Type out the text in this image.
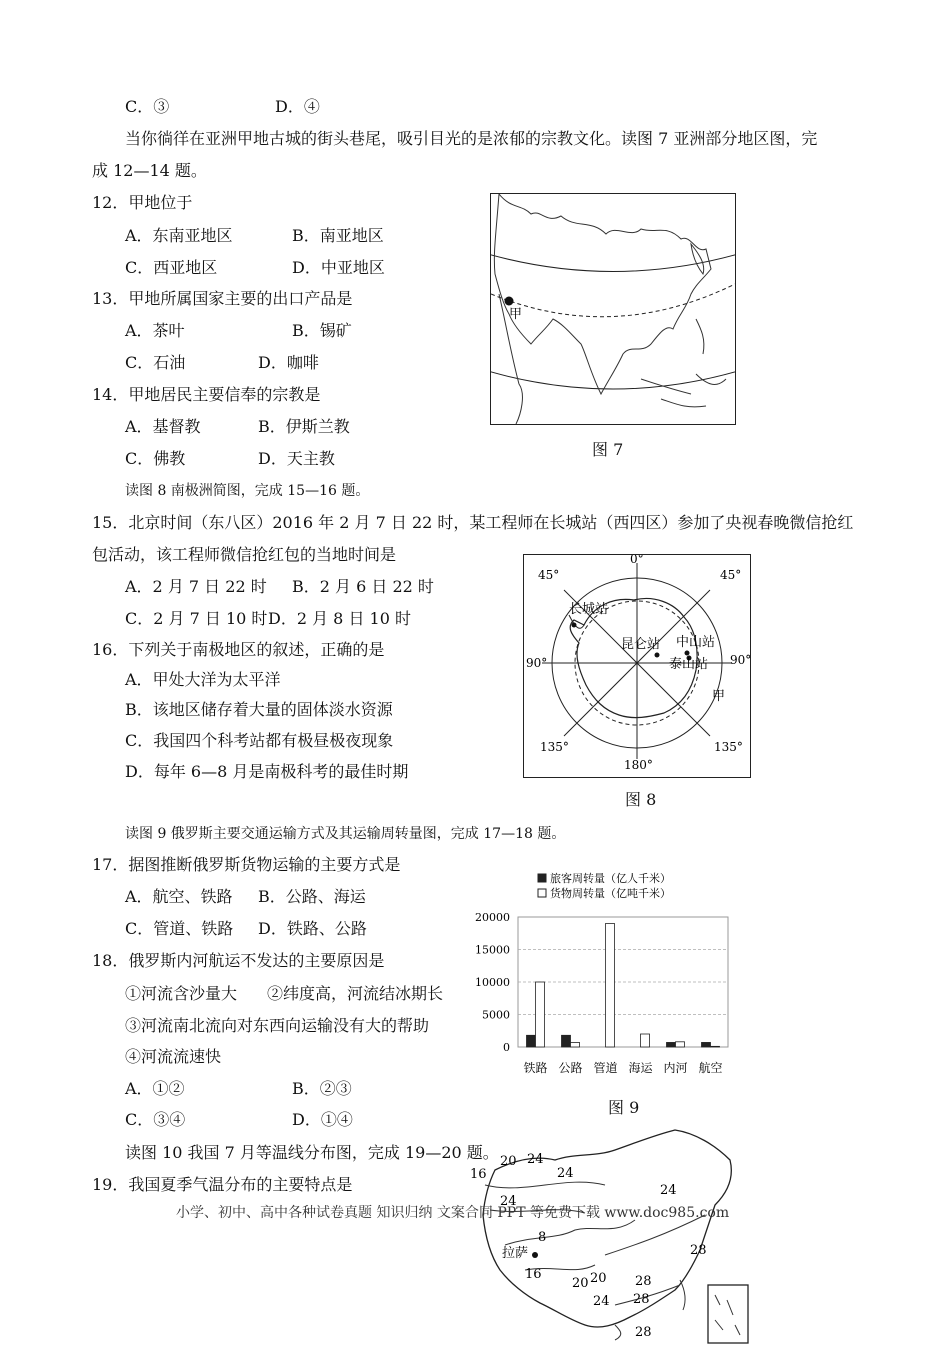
C．③	D．④
当你徜徉在亚洲甲地古城的街头巷尾，吸引目光的是浓郁的宗教文化。读图 7 亚洲部分地区图，完
成 12—14 题。
12．甲地位于
A．东南亚地区	B．南亚地区
C．西亚地区	D．中亚地区
13．甲地所属国家主要的出口产品是
A．茶叶	B．锡矿
C．石油	D．咖啡
14．甲地居民主要信奉的宗教是
A．基督教	B．伊斯兰教
C．佛教	D．天主教
甲
图 7
读图 8 南极洲简图，完成 15—16 题。
15．北京时间（东八区）2016 年 2 月 7 日 22 时，某工程师在长城站（西四区）参加了央视春晚微信抢红
包活动，该工程师微信抢红包的当地时间是
A．2 月 7 日 22 时 B．2 月 6 日 22 时
C．2 月 7 日 10 时 D．2 月 8 日 10 时
16．下列关于南极地区的叙述，正确的是
A．甲处大洋为太平洋
B．该地区储存着大量的固体淡水资源
C．我国四个科考站都有极昼极夜现象
D．每年 6—8 月是南极科考的最佳时期
0°
45°	45°
90°	90°
135°	135°
180°
长城站
昆仑站 中山站
泰山站
甲
图 8
读图 9 俄罗斯主要交通运输方式及其运输周转量图，完成 17—18 题。
17．据图推断俄罗斯货物运输的主要方式是
A．航空、铁路 B．公路、海运
C．管道、铁路 D．铁路、公路
18．俄罗斯内河航运不发达的主要原因是
①河流含沙量大 ②纬度高，河流结冰期长
③河流南北流向对东西向运输没有大的帮助
④河流流速快
A．①②	B．②③
C．③④	D．①④
旅客周转量（亿人千米）
货物周转量（亿吨千米）
20000
15000
10000
5000
0
铁路 公路 管道 海运 内河 航空
图 9
读图 10 我国 7 月等温线分布图，完成 19—20 题。
19．我国夏季气温分布的主要特点是
16
20 24
24
24
24
8
拉萨
16
20 20
28
28
28
24
28
小学、初中、高中各种试卷真题 知识归纳 文案合同 PPT 等免费下载 www.doc985.com
